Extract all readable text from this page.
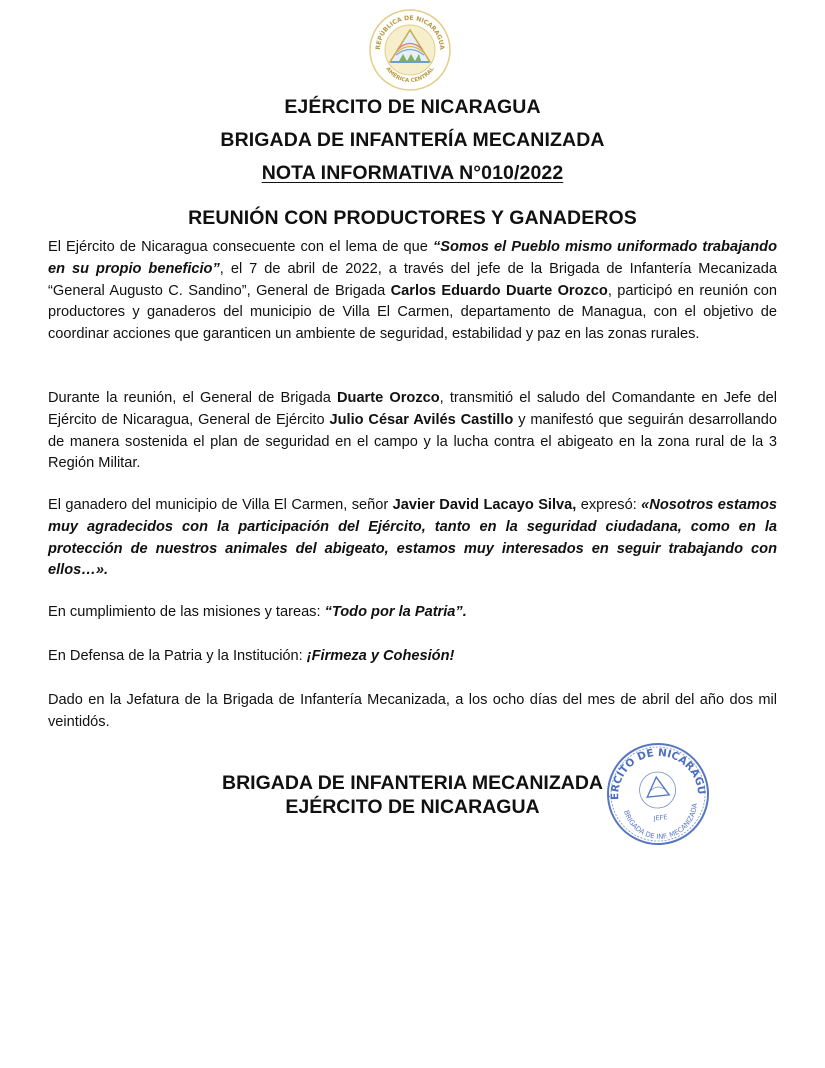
REPÚBLICA DE NICARAGUA
AMÉRICA CENTRAL
EJÉRCITO DE NICARAGUA
BRIGADA DE INFANTERÍA MECANIZADA
NOTA INFORMATIVA N°010/2022
REUNIÓN CON PRODUCTORES Y GANADEROS
El Ejército de Nicaragua consecuente con el lema de que “Somos el Pueblo mismo uniformado trabajando en su propio beneficio”, el 7 de abril de 2022, a través del jefe de la Brigada de Infantería Mecanizada “General Augusto C. Sandino”, General de Brigada Carlos Eduardo Duarte Orozco, participó en reunión con productores y ganaderos del municipio de Villa El Carmen, departamento de Managua, con el objetivo de coordinar acciones que garanticen un ambiente de seguridad, estabilidad y paz en las zonas rurales.
Durante la reunión, el General de Brigada Duarte Orozco, transmitió el saludo del Comandante en Jefe del Ejército de Nicaragua, General de Ejército Julio César Avilés Castillo y manifestó que seguirán desarrollando de manera sostenida el plan de seguridad en el campo y la lucha contra el abigeato en la zona rural de la 3 Región Militar.
El ganadero del municipio de Villa El Carmen, señor Javier David Lacayo Silva, expresó: «Nosotros estamos muy agradecidos con la participación del Ejército, tanto en la seguridad ciudadana, como en la protección de nuestros animales del abigeato, estamos muy interesados en seguir trabajando con ellos…».
En cumplimiento de las misiones y tareas: “Todo por la Patria”.
En Defensa de la Patria y la Institución: ¡Firmeza y Cohesión!
Dado en la Jefatura de la Brigada de Infantería Mecanizada, a los ocho días del mes de abril del año dos mil veintidós.
BRIGADA DE INFANTERIA MECANIZADA
EJÉRCITO DE NICARAGUA
EJÉRCITO DE NICARAGUA
BRIGADA DE INF. MECANIZADA
JEFE
